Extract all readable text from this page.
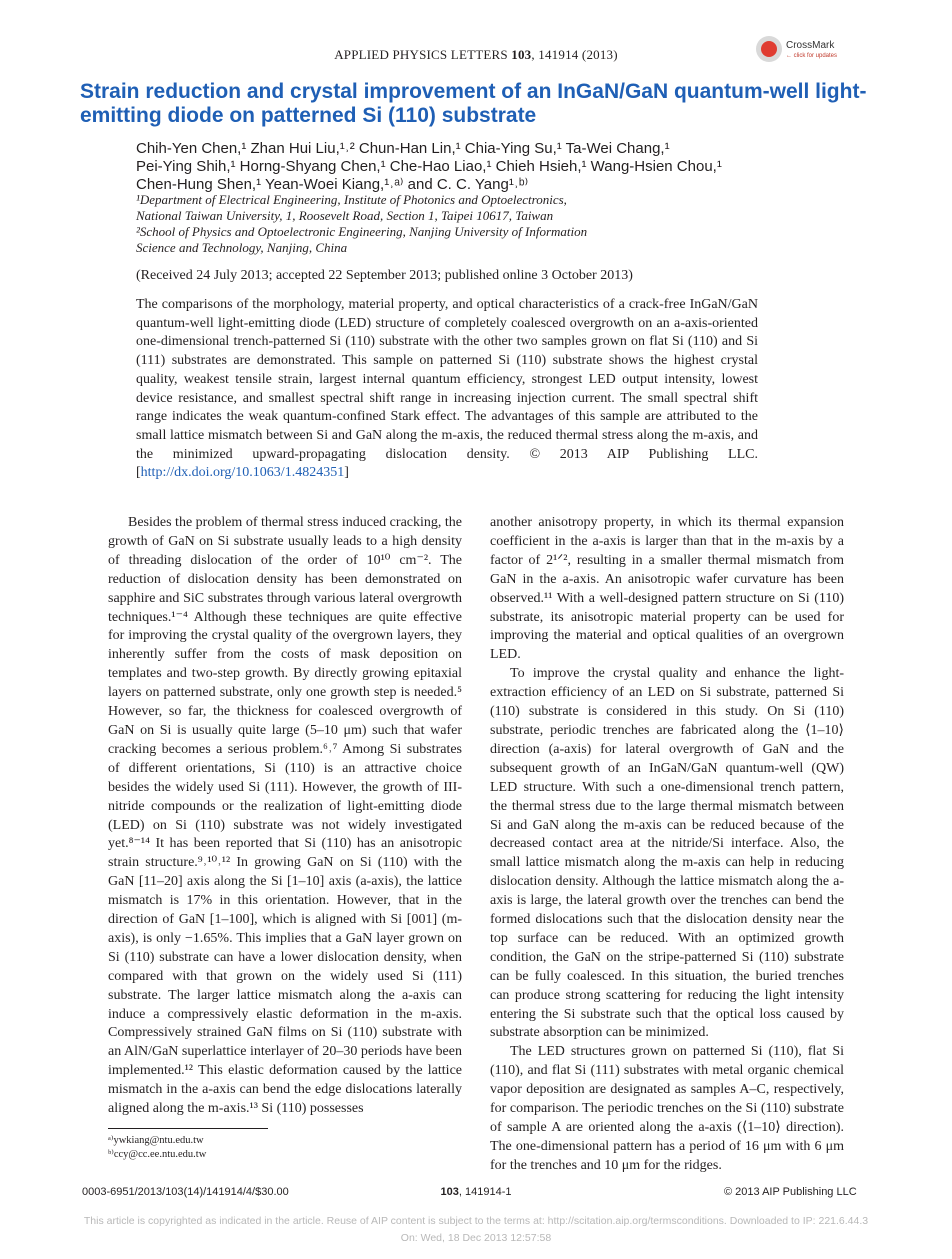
APPLIED PHYSICS LETTERS 103, 141914 (2013)
CrossMark
← click for updates
Strain reduction and crystal improvement of an InGaN/GaN quantum-well light-emitting diode on patterned Si (110) substrate
Chih-Yen Chen,¹ Zhan Hui Liu,¹˒² Chun-Han Lin,¹ Chia-Ying Su,¹ Ta-Wei Chang,¹
Pei-Ying Shih,¹ Horng-Shyang Chen,¹ Che-Hao Liao,¹ Chieh Hsieh,¹ Wang-Hsien Chou,¹
Chen-Hung Shen,¹ Yean-Woei Kiang,¹˒ᵃ⁾ and C. C. Yang¹˒ᵇ⁾
¹Department of Electrical Engineering, Institute of Photonics and Optoelectronics,
National Taiwan University, 1, Roosevelt Road, Section 1, Taipei 10617, Taiwan
²School of Physics and Optoelectronic Engineering, Nanjing University of Information
Science and Technology, Nanjing, China
(Received 24 July 2013; accepted 22 September 2013; published online 3 October 2013)
The comparisons of the morphology, material property, and optical characteristics of a crack-free InGaN/GaN quantum-well light-emitting diode (LED) structure of completely coalesced overgrowth on an a-axis-oriented one-dimensional trench-patterned Si (110) substrate with the other two samples grown on flat Si (110) and Si (111) substrates are demonstrated. This sample on patterned Si (110) substrate shows the highest crystal quality, weakest tensile strain, largest internal quantum efficiency, strongest LED output intensity, lowest device resistance, and smallest spectral shift range in increasing injection current. The small spectral shift range indicates the weak quantum-confined Stark effect. The advantages of this sample are attributed to the small lattice mismatch between Si and GaN along the m-axis, the reduced thermal stress along the m-axis, and the minimized upward-propagating dislocation density. © 2013 AIP Publishing LLC. [http://dx.doi.org/10.1063/1.4824351]

Besides the problem of thermal stress induced cracking, the growth of GaN on Si substrate usually leads to a high density of threading dislocation of the order of 10¹⁰ cm⁻². The reduction of dislocation density has been demonstrated on sapphire and SiC substrates through various lateral overgrowth techniques.¹⁻⁴ Although these techniques are quite effective for improving the crystal quality of the overgrown layers, they inherently suffer from the costs of mask deposition on templates and two-step growth. By directly growing epitaxial layers on patterned substrate, only one growth step is needed.⁵ However, so far, the thickness for coalesced overgrowth of GaN on Si is usually quite large (5–10 μm) such that wafer cracking becomes a serious problem.⁶˒⁷ Among Si substrates of different orientations, Si (110) is an attractive choice besides the widely used Si (111). However, the growth of III-nitride compounds or the realization of light-emitting diode (LED) on Si (110) substrate was not widely investigated yet.⁸⁻¹⁴ It has been reported that Si (110) has an anisotropic strain structure.⁹˒¹⁰˒¹² In growing GaN on Si (110) with the GaN [11–20] axis along the Si [1–10] axis (a-axis), the lattice mismatch is 17% in this orientation. However, that in the direction of GaN [1–100], which is aligned with Si [001] (m-axis), is only −1.65%. This implies that a GaN layer grown on Si (110) substrate can have a lower dislocation density, when compared with that grown on the widely used Si (111) substrate. The larger lattice mismatch along the a-axis can induce a compressively elastic deformation in the m-axis. Compressively strained GaN films on Si (110) substrate with an AlN/GaN superlattice interlayer of 20–30 periods have been implemented.¹² This elastic deformation caused by the lattice mismatch in the a-axis can bend the edge dislocations laterally aligned along the m-axis.¹³ Si (110) possesses

another anisotropy property, in which its thermal expansion coefficient in the a-axis is larger than that in the m-axis by a factor of 2¹ᐟ², resulting in a smaller thermal mismatch from GaN in the a-axis. An anisotropic wafer curvature has been observed.¹¹ With a well-designed pattern structure on Si (110) substrate, its anisotropic material property can be used for improving the material and optical qualities of an overgrown LED.

To improve the crystal quality and enhance the light-extraction efficiency of an LED on Si substrate, patterned Si (110) substrate is considered in this study. On Si (110) substrate, periodic trenches are fabricated along the ⟨1–10⟩ direction (a-axis) for lateral overgrowth of GaN and the subsequent growth of an InGaN/GaN quantum-well (QW) LED structure. With such a one-dimensional trench pattern, the thermal stress due to the large thermal mismatch between Si and GaN along the m-axis can be reduced because of the decreased contact area at the nitride/Si interface. Also, the small lattice mismatch along the m-axis can help in reducing dislocation density. Although the lattice mismatch along the a-axis is large, the lateral growth over the trenches can bend the formed dislocations such that the dislocation density near the top surface can be reduced. With an optimized growth condition, the GaN on the stripe-patterned Si (110) substrate can be fully coalesced. In this situation, the buried trenches can produce strong scattering for reducing the light intensity entering the Si substrate such that the optical loss caused by substrate absorption can be minimized.

The LED structures grown on patterned Si (110), flat Si (110), and flat Si (111) substrates with metal organic chemical vapor deposition are designated as samples A–C, respectively, for comparison. The periodic trenches on the Si (110) substrate of sample A are oriented along the a-axis (⟨1–10⟩ direction). The one-dimensional pattern has a period of 16 μm with 6 μm for the trenches and 10 μm for the ridges.

ᵃ⁾ywkiang@ntu.edu.tw
ᵇ⁾ccy@cc.ee.ntu.edu.tw
0003-6951/2013/103(14)/141914/4/$30.00	103, 141914-1	© 2013 AIP Publishing LLC
This article is copyrighted as indicated in the article. Reuse of AIP content is subject to the terms at: http://scitation.aip.org/termsconditions. Downloaded to IP: 221.6.44.3
On: Wed, 18 Dec 2013 12:57:58
